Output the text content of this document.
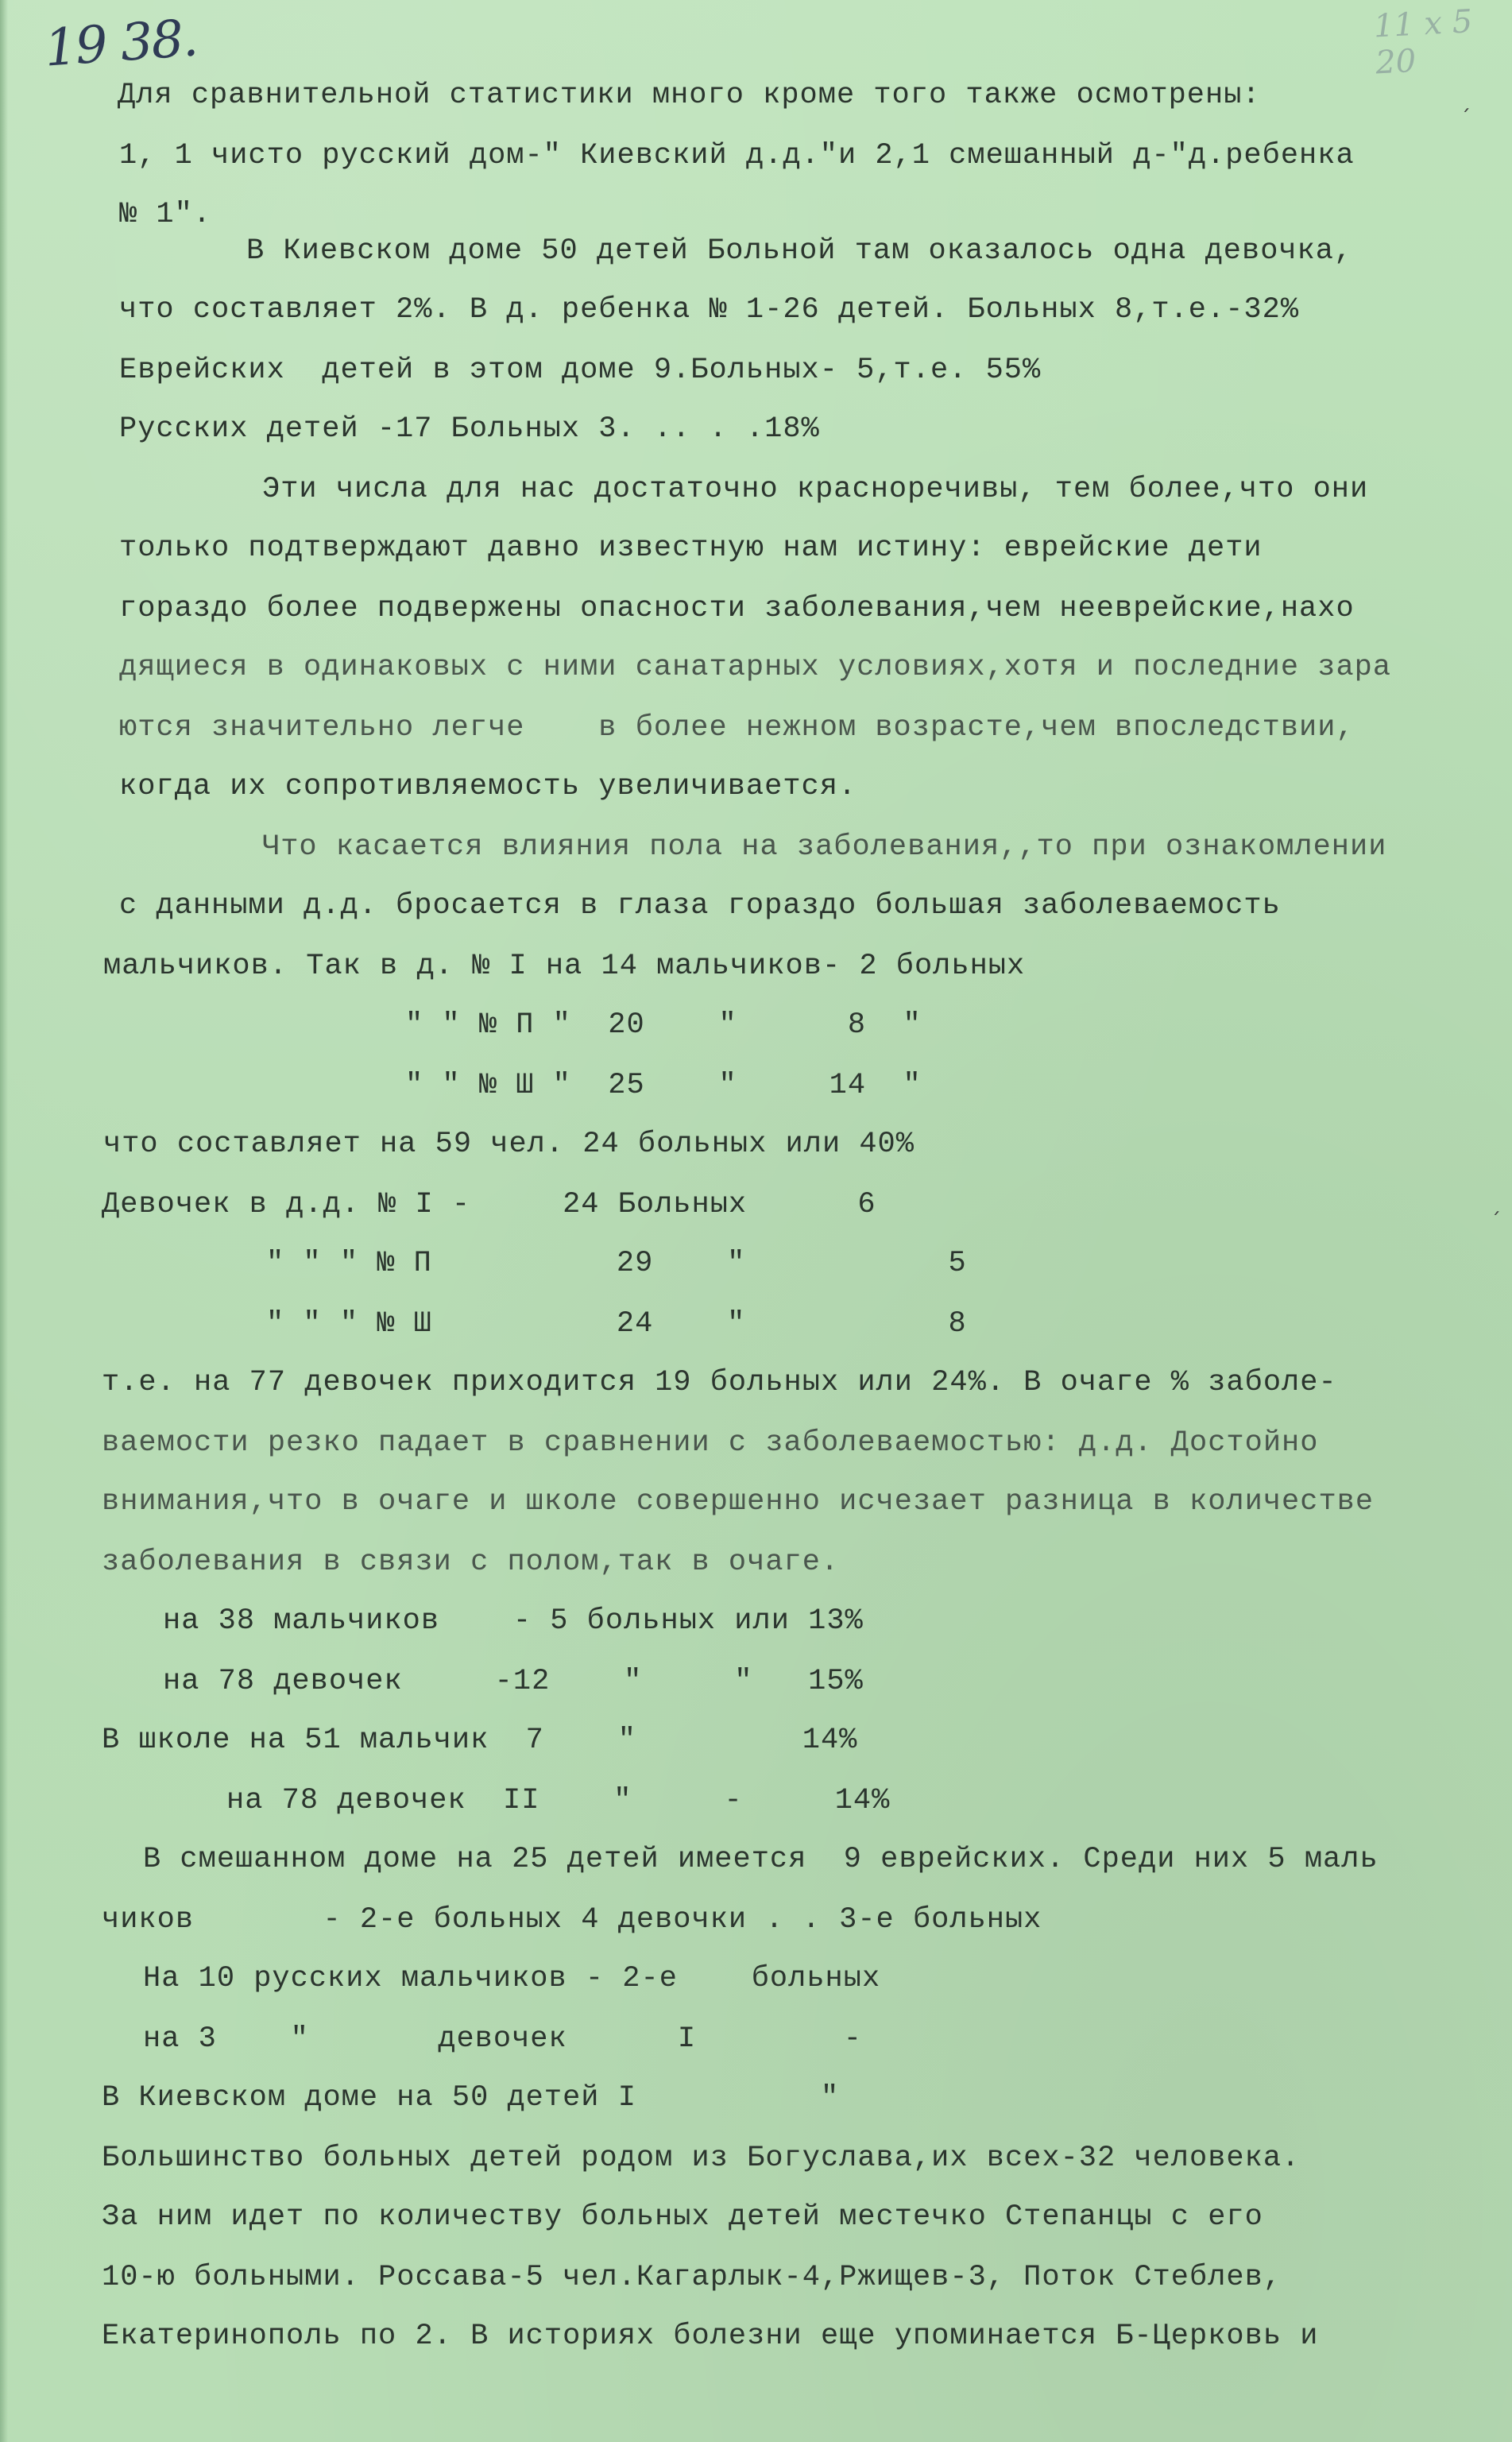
19 38.	11 x 5 20
Для сравнительной статистики много кроме того также осмотрены:
1, 1 чисто русский дом-" Киевский д.д."и 2,1 смешанный д-"д.ребенка
№ 1".
В Киевском доме 50 детей Больной там оказалось одна девочка,
что составляет 2%. В д. ребенка № 1-26 детей. Больных 8,т.е.-32%
Еврейских  детей в этом доме 9.Больных- 5,т.е. 55%
Русских детей -17 Больных 3. .. . .18%
Эти числа для нас достаточно красноречивы, тем более,что они
только подтверждают давно известную нам истину: еврейские дети
гораздо более подвержены опасности заболевания,чем нееврейские,нахо
дящиеся в одинаковых с ними санатарных условиях,хотя и последние зара
ются значительно легче    в более нежном возрасте,чем впоследствии,
когда их сопротивляемость увеличивается.
Что касается влияния пола на заболевания,,то при ознакомлении
с данными д.д. бросается в глаза гораздо большая заболеваемость
мальчиков. Так в д. № I на 14 мальчиков- 2 больных
" " № П "  20    "      8  "
" " № Ш "  25    "     14  "
что составляет на 59 чел. 24 больных или 40%
Девочек в д.д. № I -     24 Больных      6
" " " № П          29    "           5
" " " № Ш          24    "           8
т.е. на 77 девочек приходится 19 больных или 24%. В очаге % заболе-
ваемости резко падает в сравнении с заболеваемостью: д.д. Достойно
внимания,что в очаге и школе совершенно исчезает разница в количестве
заболевания в связи с полом,так в очаге.
на 38 мальчиков    - 5 больных или 13%
на 78 девочек     -12    "     "   15%
В школе на 51 мальчик  7    "         14%
на 78 девочек  II    "     -     14%
В смешанном доме на 25 детей имеется  9 еврейских. Среди них 5 маль
чиков       - 2-е больных 4 девочки . . 3-е больных
На 10 русских мальчиков - 2-е    больных
на 3    "       девочек      I        -
В Киевском доме на 50 детей I          "
Большинство больных детей родом из Богуслава,их всех-32 человека.
За ним идет по количеству больных детей местечко Степанцы с его
10-ю больными. Россава-5 чел.Кагарлык-4,Ржищев-3, Поток Стеблев,
Екатеринополь по 2. В историях болезни еще упоминается Б-Церковь и
ˏ
ˏ
